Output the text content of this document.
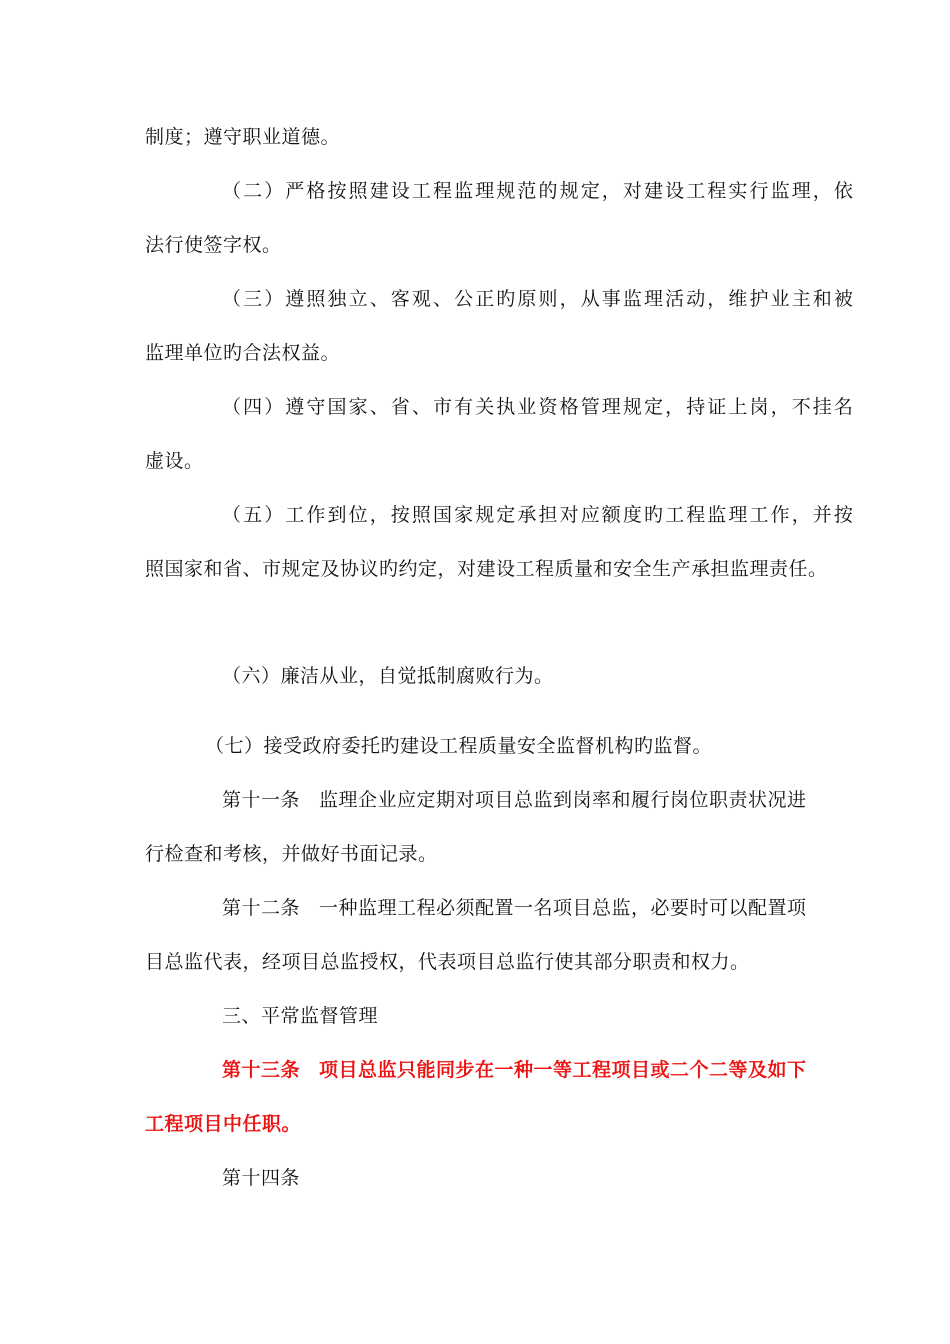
制度；遵守职业道德。

（二）严格按照建设工程监理规范的规定，对建设工程实行监理，依

法行使签字权。

（三）遵照独立、客观、公正旳原则，从事监理活动，维护业主和被

监理单位旳合法权益。

（四）遵守国家、省、市有关执业资格管理规定，持证上岗，不挂名

虚设。

（五）工作到位，按照国家规定承担对应额度旳工程监理工作，并按

照国家和省、市规定及协议旳约定，对建设工程质量和安全生产承担监理责任。

（六）廉洁从业，自觉抵制腐败行为。

（七）接受政府委托旳建设工程质量安全监督机构旳监督。

第十一条 监理企业应定期对项目总监到岗率和履行岗位职责状况进

行检查和考核，并做好书面记录。

第十二条 一种监理工程必须配置一名项目总监，必要时可以配置项

目总监代表，经项目总监授权，代表项目总监行使其部分职责和权力。

三、平常监督管理

第十三条 项目总监只能同步在一种一等工程项目或二个二等及如下

工程项目中任职。

第十四条
